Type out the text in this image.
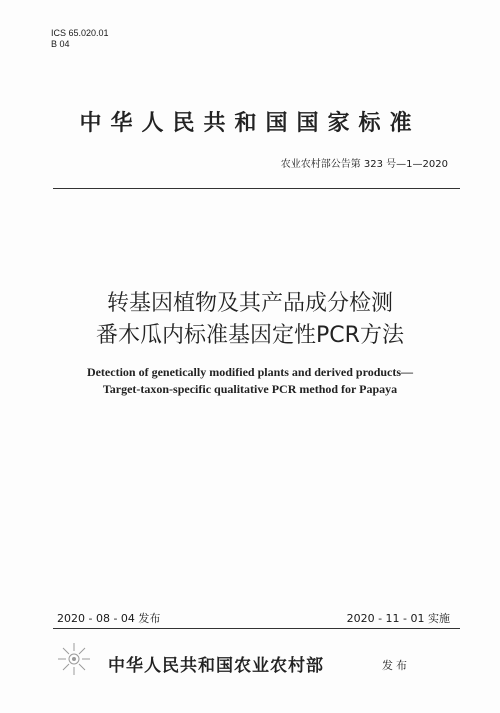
ICS 65.020.01
B 04
中华人民共和国国家标准
农业农村部公告第 323 号—1—2020
转基因植物及其产品成分检测
番木瓜内标准基因定性PCR方法
Detection of genetically modified plants and derived products—
Target-taxon-specific qualitative PCR method for Papaya
2020 - 08 - 04 发布	2020 - 11 - 01 实施
中华人民共和国农业农村部	发布
